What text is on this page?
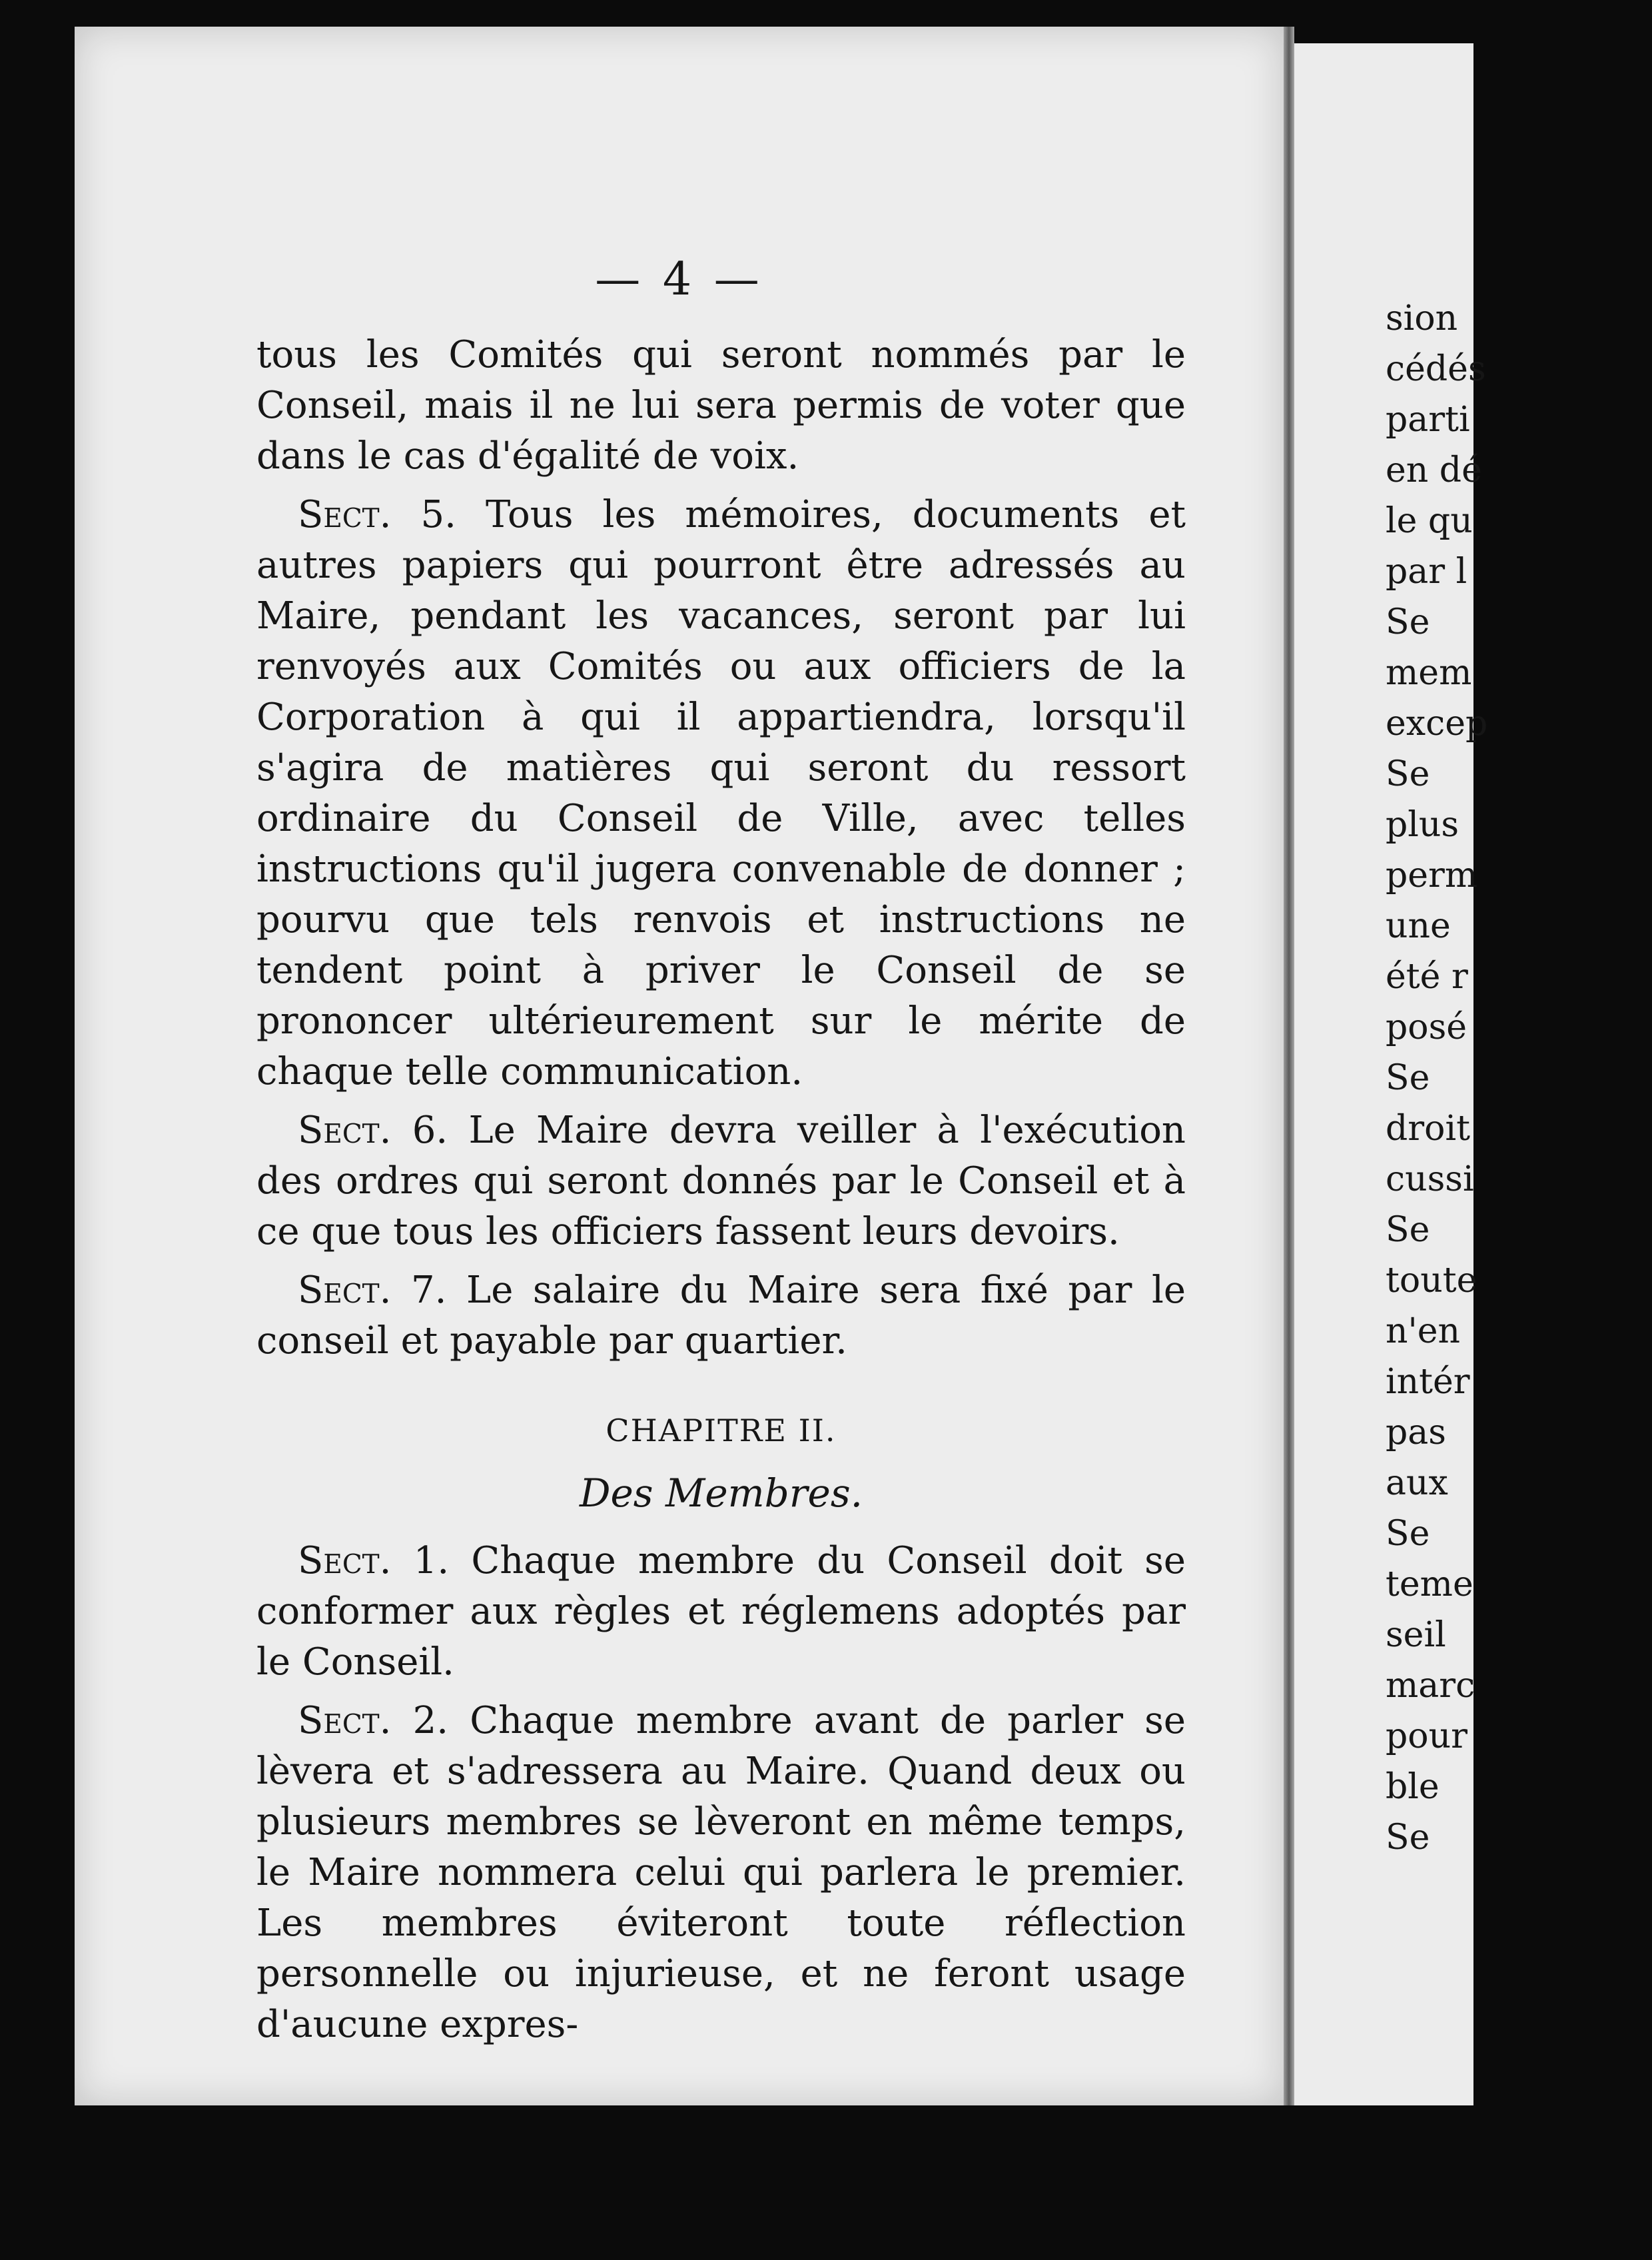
— 4 —

tous les Comités qui seront nommés par le Conseil, mais il ne lui sera permis de voter que dans le cas d'égalité de voix.

Sect. 5. Tous les mémoires, documents et autres papiers qui pourront être adressés au Maire, pendant les vacances, seront par lui renvoyés aux Comités ou aux officiers de la Corporation à qui il appartiendra, lorsqu'il s'agira de matières qui seront du ressort ordinaire du Conseil de Ville, avec telles instructions qu'il jugera convenable de donner ; pourvu que tels renvois et instructions ne tendent point à priver le Conseil de se prononcer ultérieurement sur le mérite de chaque telle communication.

Sect. 6. Le Maire devra veiller à l'exécution des ordres qui seront donnés par le Conseil et à ce que tous les officiers fassent leurs devoirs.

Sect. 7. Le salaire du Maire sera fixé par le conseil et payable par quartier.

CHAPITRE II.
Des Membres.

Sect. 1. Chaque membre du Conseil doit se conformer aux règles et réglemens adoptés par le Conseil.

Sect. 2. Chaque membre avant de parler se lèvera et s'adressera au Maire. Quand deux ou plusieurs membres se lèveront en même temps, le Maire nommera celui qui parlera le premier. Les membres éviteront toute réflection personnelle ou injurieuse, et ne feront usage d'aucune expres-

sion
cédés
parti
en dé
le qu
par l
Se
mem
excep
Se
plus
perm
une
été r
posé
Se
droit
cussi
Se
toute
n'en
intér
pas
aux
Se
teme
seil
marc
pour
ble
Se
